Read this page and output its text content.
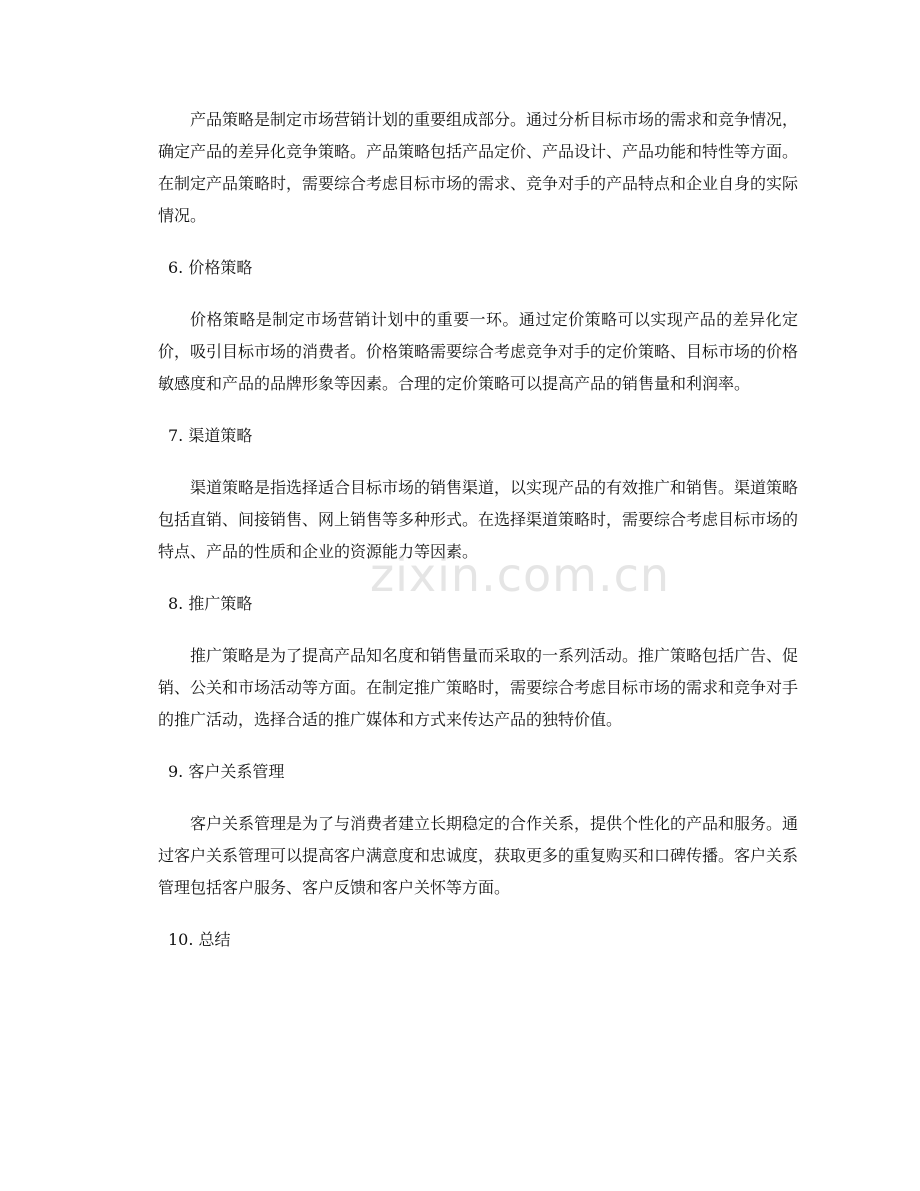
产品策略是制定市场营销计划的重要组成部分。通过分析目标市场的需求和竞争情况，确定产品的差异化竞争策略。产品策略包括产品定价、产品设计、产品功能和特性等方面。在制定产品策略时，需要综合考虑目标市场的需求、竞争对手的产品特点和企业自身的实际情况。

6. 价格策略

价格策略是制定市场营销计划中的重要一环。通过定价策略可以实现产品的差异化定价，吸引目标市场的消费者。价格策略需要综合考虑竞争对手的定价策略、目标市场的价格敏感度和产品的品牌形象等因素。合理的定价策略可以提高产品的销售量和利润率。

7. 渠道策略

渠道策略是指选择适合目标市场的销售渠道，以实现产品的有效推广和销售。渠道策略包括直销、间接销售、网上销售等多种形式。在选择渠道策略时，需要综合考虑目标市场的特点、产品的性质和企业的资源能力等因素。

8. 推广策略

推广策略是为了提高产品知名度和销售量而采取的一系列活动。推广策略包括广告、促销、公关和市场活动等方面。在制定推广策略时，需要综合考虑目标市场的需求和竞争对手的推广活动，选择合适的推广媒体和方式来传达产品的独特价值。

9. 客户关系管理

客户关系管理是为了与消费者建立长期稳定的合作关系，提供个性化的产品和服务。通过客户关系管理可以提高客户满意度和忠诚度，获取更多的重复购买和口碑传播。客户关系管理包括客户服务、客户反馈和客户关怀等方面。

10. 总结
zixin.com.cn
